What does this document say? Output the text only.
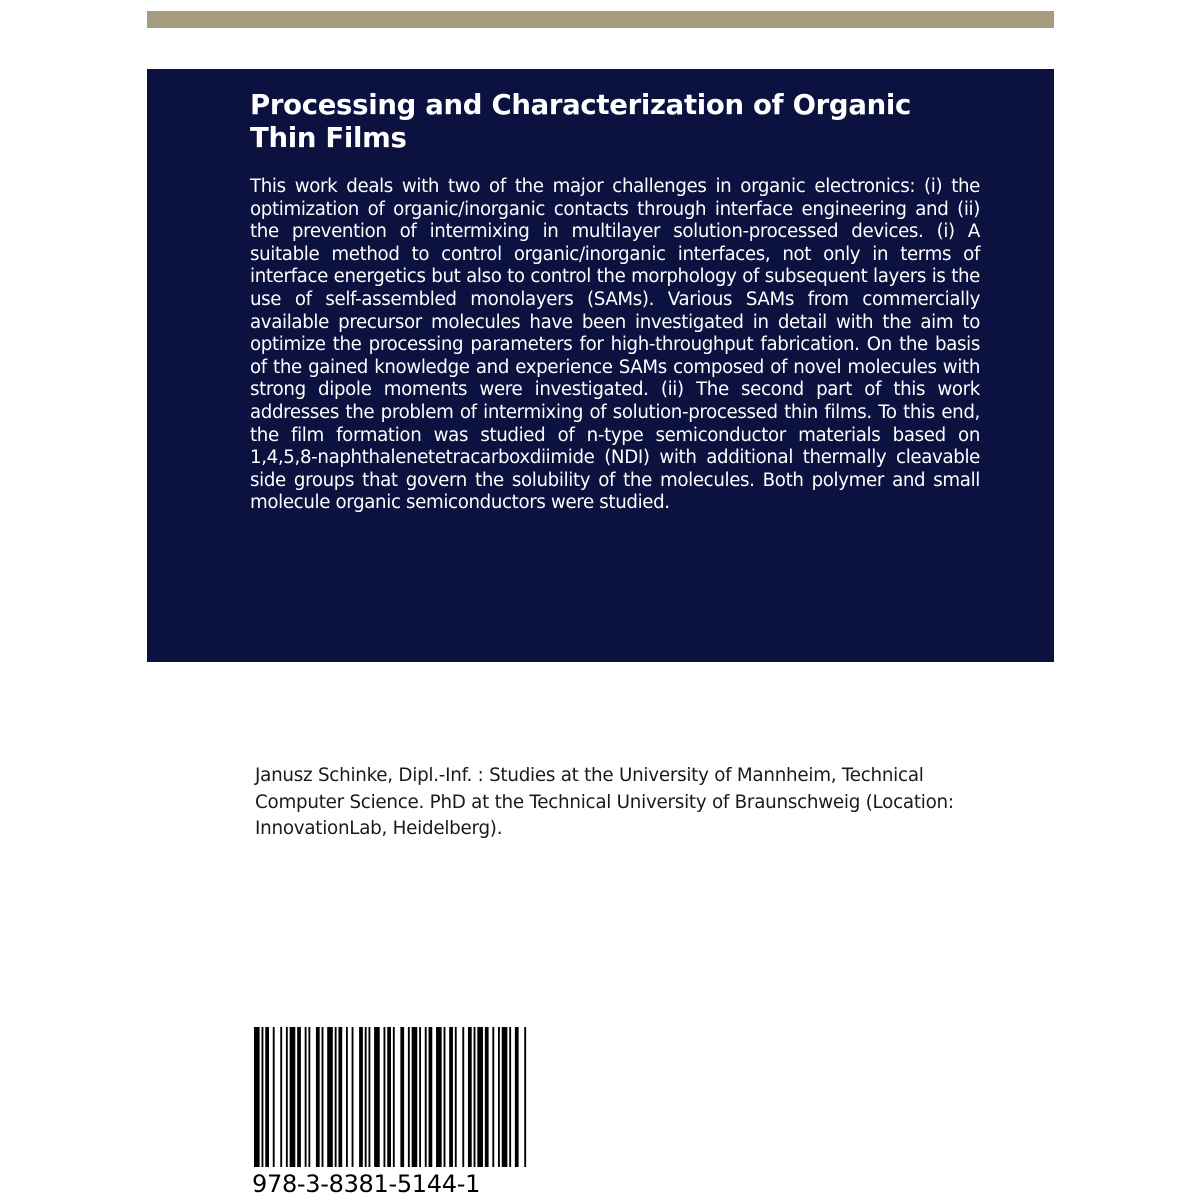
Processing and Characterization of Organic Thin Films

This work deals with two of the major challenges in organic electronics: (i) the optimization of organic/inorganic contacts through interface engineering and (ii) the prevention of intermixing in multilayer solution-processed devices. (i) A suitable method to control organic/inorganic interfaces, not only in terms of interface energetics but also to control the morphology of subsequent layers is the use of self-assembled monolayers (SAMs). Various SAMs from commercially available precursor molecules have been investigated in detail with the aim to optimize the processing parameters for high-throughput fabrication. On the basis of the gained knowledge and experience SAMs composed of novel molecules with strong dipole moments were investigated. (ii) The second part of this work addresses the problem of intermixing of solution-processed thin films. To this end, the film formation was studied of n-type semiconductor materials based on 1,4,5,8-naphthalenetetracarboxdiimide (NDI) with additional thermally cleavable side groups that govern the solubility of the molecules. Both polymer and small molecule organic semiconductors were studied.

Janusz Schinke, Dipl.-Inf. : Studies at the University of Mannheim, Technical Computer Science. PhD at the Technical University of Braunschweig (Location: InnovationLab, Heidelberg).

978-3-8381-5144-1
